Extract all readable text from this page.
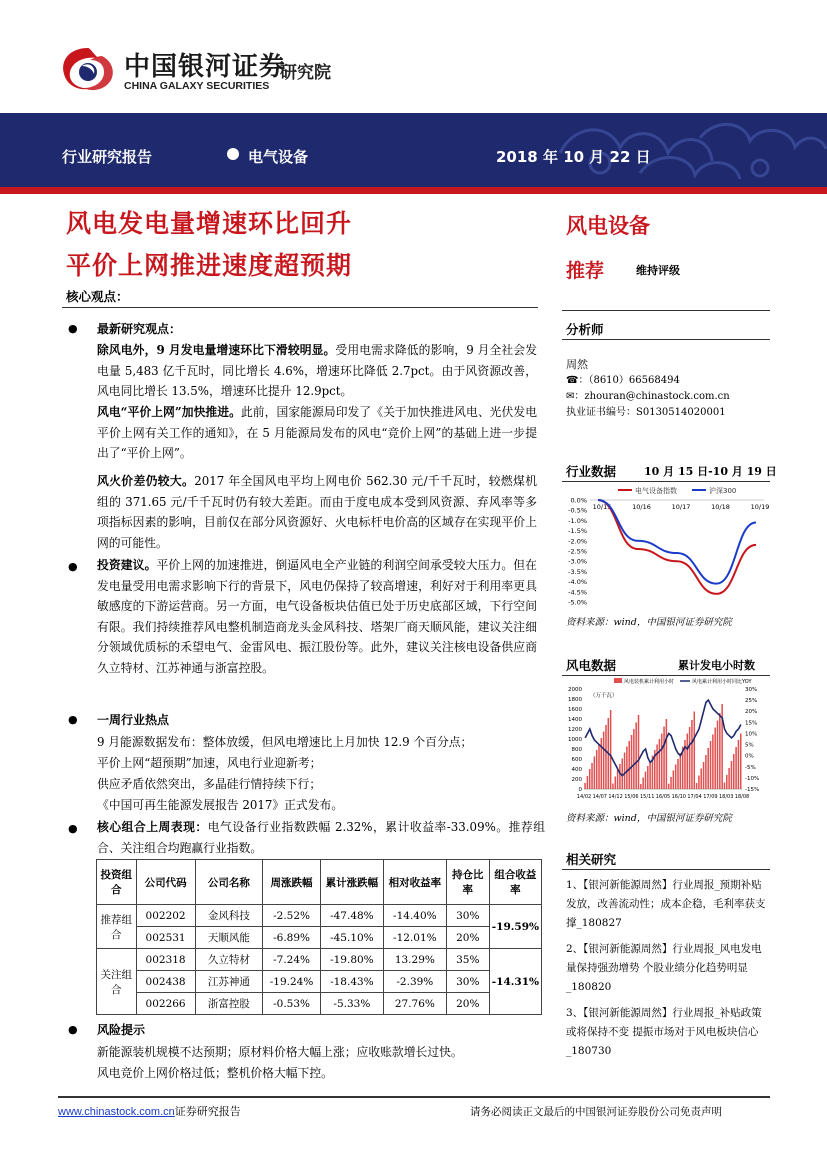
中国银河证券
CHINA GALAXY SECURITIES
研究院
行业研究报告	电气设备	2018 年 10 月 22 日
风电发电量增速环比回升
平价上网推进速度超预期
核心观点：
风电设备
推荐	维持评级
分析师
周然
☎：（8610）66568494
✉：zhouran@chinastock.com.cn
执业证书编号：S0130514020001
行业数据	10 月 15 日-10 月 19 日
0.0%
-0.5%
-1.0%
-1.5%
-2.0%
-2.5%
-3.0%
-3.5%
-4.0%
-4.5%
-5.0%
10/15	10/16	10/17	10/18	10/19
电气设备指数	沪深300
资料来源：wind，中国银河证券研究院
风电数据	累计发电小时数
0
200
400
600
800
1000
1200
1400
1600
1800
2000
-15%
-10%
-5%
0%
5%
10%
15%
20%
25%
30%
（万千瓦）
14/02 14/07 14/12 15/06 15/11 16/05 16/10 17/04 17/09 18/03 18/08
风电装机累计利用小时	风电累计利用小时同比YOY
资料来源：wind，中国银河证券研究院
相关研究
1、【银河新能源周然】行业周报_预期补贴发放，改善流动性；成本企稳，毛利率获支撑_180827
2、【银河新能源周然】行业周报_风电发电量保持强劲增势 个股业绩分化趋势明显_180820
3、【银河新能源周然】行业周报_补贴政策或将保持不变 提振市场对于风电板块信心_180730
● 最新研究观点：
除风电外，9 月发电量增速环比下滑较明显。受用电需求降低的影响，9 月全社会发电量 5,483 亿千瓦时，同比增长 4.6%，增速环比降低 2.7pct。由于风资源改善，风电同比增长 13.5%，增速环比提升 12.9pct。
风电“平价上网”加快推进。此前，国家能源局印发了《关于加快推进风电、光伏发电平价上网有关工作的通知》，在 5 月能源局发布的风电“竞价上网”的基础上进一步提出了“平价上网”。
风火价差仍较大。2017 年全国风电平均上网电价 562.30 元/千千瓦时，较燃煤机组的 371.65 元/千千瓦时仍有较大差距。而由于度电成本受到风资源、弃风率等多项指标因素的影响，目前仅在部分风资源好、火电标杆电价高的区域存在实现平价上网的可能性。
● 投资建议。平价上网的加速推进，倒逼风电全产业链的利润空间承受较大压力。但在发电量受用电需求影响下行的背景下，风电仍保持了较高增速，利好对于利用率更具敏感度的下游运营商。另一方面，电气设备板块估值已处于历史底部区域，下行空间有限。我们持续推荐风电整机制造商龙头金风科技、塔架厂商天顺风能，建议关注细分领域优质标的禾望电气、金雷风电、振江股份等。此外，建议关注核电设备供应商久立特材、江苏神通与浙富控股。
● 一周行业热点
9 月能源数据发布：整体放缓，但风电增速比上月加快 12.9 个百分点；
平价上网“超预期”加速，风电行业迎新考；
供应矛盾依然突出，多晶硅行情持续下行；
《中国可再生能源发展报告 2017》正式发布。
● 核心组合上周表现：电气设备行业指数跌幅 2.32%，累计收益率-33.09%。推荐组合、关注组合均跑赢行业指数。
投资组合	公司代码	公司名称	周涨跌幅	累计涨跌幅	相对收益率	持仓比率	组合收益率
推荐组合	002202	金风科技	-2.52%	-47.48%	-14.40%	30%	-19.59%
	002531	天顺风能	-6.89%	-45.10%	-12.01%	20%	
关注组合	002318	久立特材	-7.24%	-19.80%	13.29%	35%	-14.31%
	002438	江苏神通	-19.24%	-18.43%	-2.39%	30%	
	002266	浙富控股	-0.53%	-5.33%	27.76%	20%	
● 风险提示
新能源装机规模不达预期；原材料价格大幅上涨；应收账款增长过快。
风电竞价上网价格过低；整机价格大幅下控。
www.chinastock.com.cn证券研究报告	请务必阅读正文最后的中国银河证券股份公司免责声明
